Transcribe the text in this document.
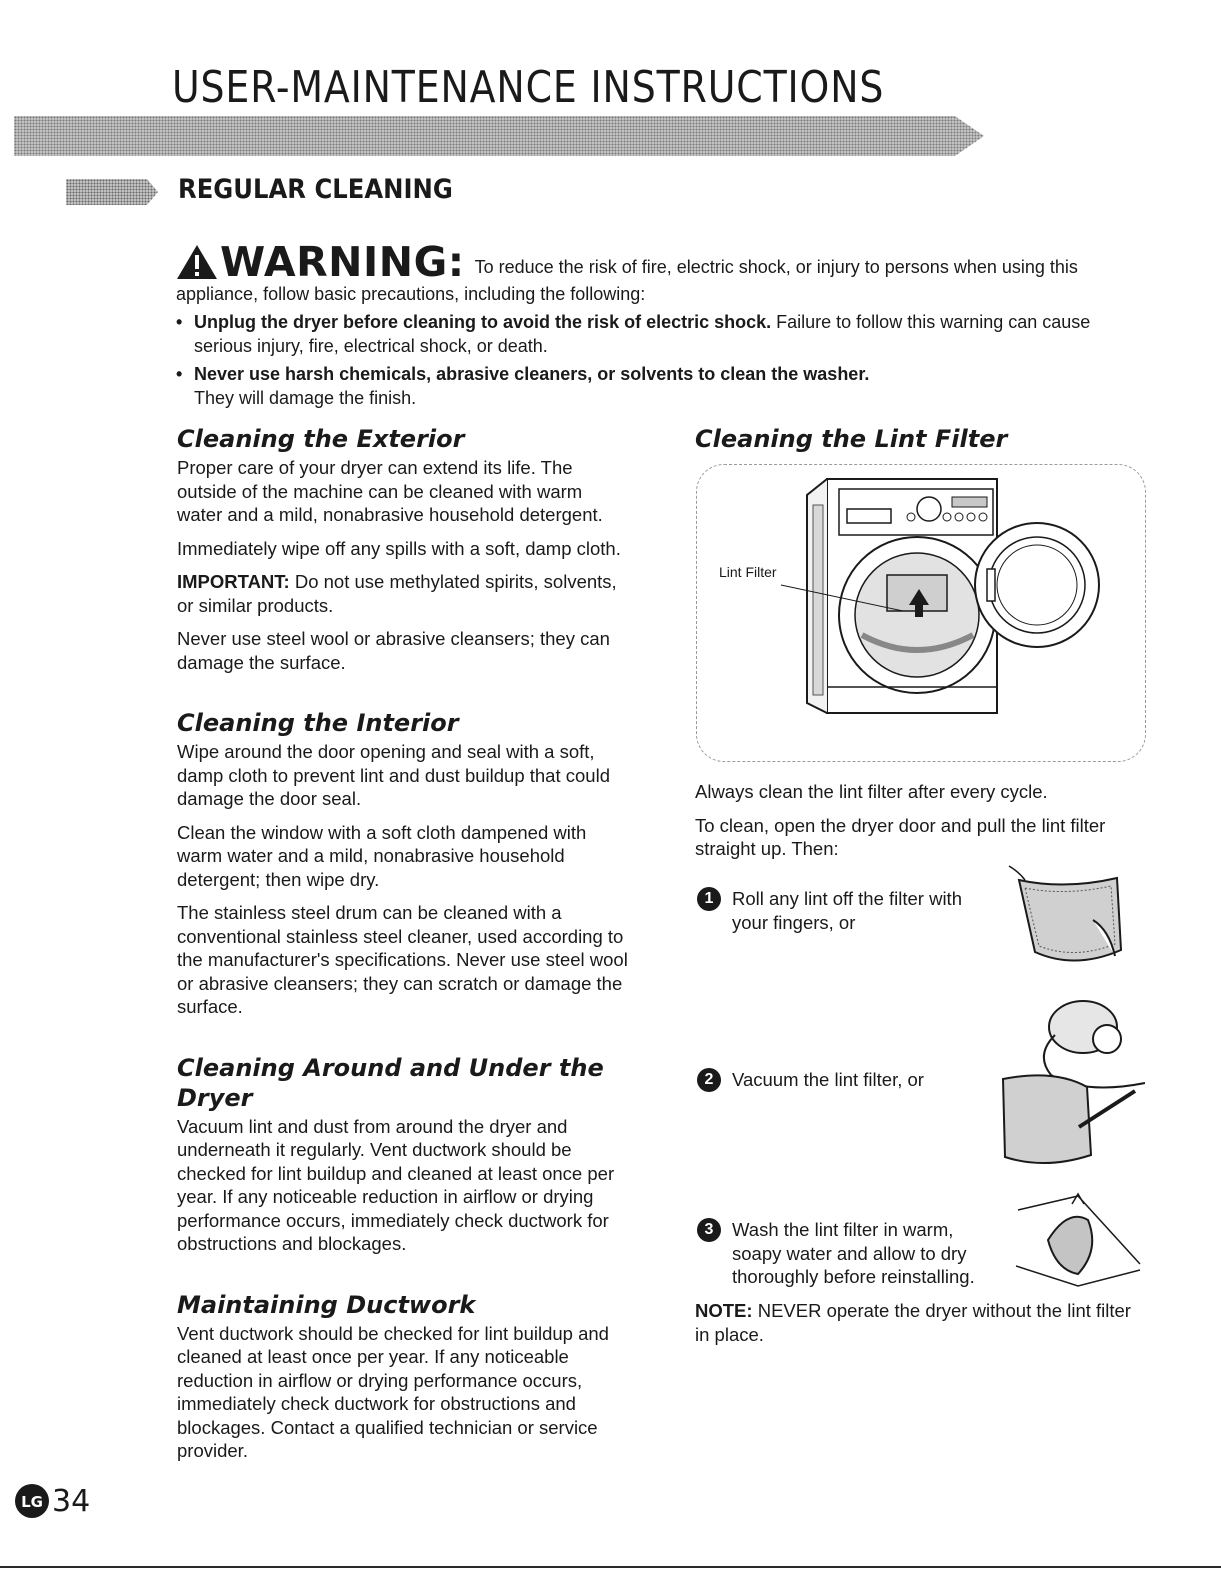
USER-MAINTENANCE INSTRUCTIONS
REGULAR CLEANING
WARNING: To reduce the risk of fire, electric shock, or injury to persons when using this
appliance, follow basic precautions, including the following:
• Unplug the dryer before cleaning to avoid the risk of electric shock. Failure to follow this warning can cause serious injury, fire, electrical shock, or death.
• Never use harsh chemicals, abrasive cleaners, or solvents to clean the washer.
They will damage the finish.
Cleaning the Exterior

Proper care of your dryer can extend its life. The outside of the machine can be cleaned with warm water and a mild, nonabrasive household detergent.

Immediately wipe off any spills with a soft, damp cloth.

IMPORTANT: Do not use methylated spirits, solvents, or similar products.

Never use steel wool or abrasive cleansers; they can damage the surface.

Cleaning the Interior

Wipe around the door opening and seal with a soft, damp cloth to prevent lint and dust buildup that could damage the door seal.

Clean the window with a soft cloth dampened with warm water and a mild, nonabrasive household detergent; then wipe dry.

The stainless steel drum can be cleaned with a conventional stainless steel cleaner, used according to the manufacturer's specifications. Never use steel wool or abrasive cleansers; they can scratch or damage the surface.

Cleaning Around and Under the Dryer

Vacuum lint and dust from around the dryer and underneath it regularly. Vent ductwork should be checked for lint buildup and cleaned at least once per year. If any noticeable reduction in airflow or drying performance occurs, immediately check ductwork for obstructions and blockages.

Maintaining Ductwork

Vent ductwork should be checked for lint buildup and cleaned at least once per year. If any noticeable reduction in airflow or drying performance occurs, immediately check ductwork for obstructions and blockages. Contact a qualified technician or service provider.

Cleaning the Lint Filter
Lint Filter

Always clean the lint filter after every cycle.

To clean, open the dryer door and pull the lint filter straight up. Then:

1	Roll any lint off the filter with your fingers, or
2	Vacuum the lint filter, or
3	Wash the lint filter in warm, soapy water and allow to dry thoroughly before reinstalling.

NOTE: NEVER operate the dryer without the lint filter in place.

LG 34
